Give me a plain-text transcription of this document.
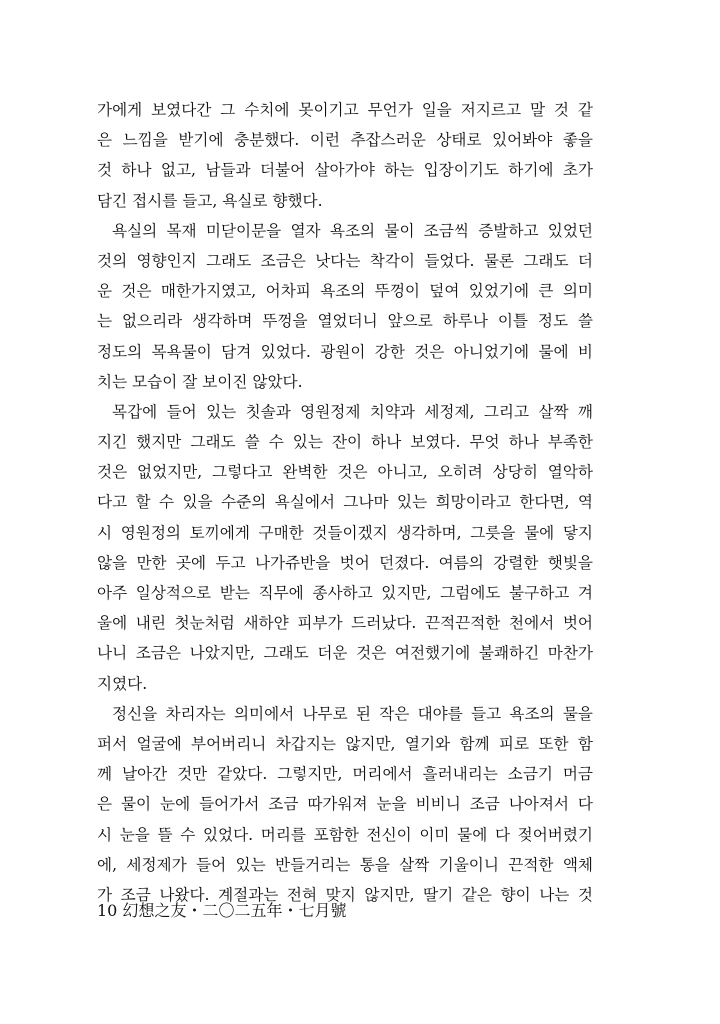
가에게 보였다간 그 수치에 못이기고 무언가 일을 저지르고 말 것 같
은 느낌을 받기에 충분했다. 이런 추잡스러운 상태로 있어봐야 좋을
것 하나 없고, 남들과 더불어 살아가야 하는 입장이기도 하기에 초가
담긴 접시를 들고, 욕실로 향했다.
욕실의 목재 미닫이문을 열자 욕조의 물이 조금씩 증발하고 있었던
것의 영향인지 그래도 조금은 낫다는 착각이 들었다. 물론 그래도 더
운 것은 매한가지였고, 어차피 욕조의 뚜껑이 덮여 있었기에 큰 의미
는 없으리라 생각하며 뚜껑을 열었더니 앞으로 하루나 이틀 정도 쓸
정도의 목욕물이 담겨 있었다. 광원이 강한 것은 아니었기에 물에 비
치는 모습이 잘 보이진 않았다.
목갑에 들어 있는 칫솔과 영원정제 치약과 세정제, 그리고 살짝 깨
지긴 했지만 그래도 쓸 수 있는 잔이 하나 보였다. 무엇 하나 부족한
것은 없었지만, 그렇다고 완벽한 것은 아니고, 오히려 상당히 열악하
다고 할 수 있을 수준의 욕실에서 그나마 있는 희망이라고 한다면, 역
시 영원정의 토끼에게 구매한 것들이겠지 생각하며, 그릇을 물에 닿지
않을 만한 곳에 두고 나가쥬반을 벗어 던졌다. 여름의 강렬한 햇빛을
아주 일상적으로 받는 직무에 종사하고 있지만, 그럼에도 불구하고 겨
울에 내린 첫눈처럼 새하얀 피부가 드러났다. 끈적끈적한 천에서 벗어
나니 조금은 나았지만, 그래도 더운 것은 여전했기에 불쾌하긴 마찬가
지였다.
정신을 차리자는 의미에서 나무로 된 작은 대야를 들고 욕조의 물을
퍼서 얼굴에 부어버리니 차갑지는 않지만, 열기와 함께 피로 또한 함
께 날아간 것만 같았다. 그렇지만, 머리에서 흘러내리는 소금기 머금
은 물이 눈에 들어가서 조금 따가워져 눈을 비비니 조금 나아져서 다
시 눈을 뜰 수 있었다. 머리를 포함한 전신이 이미 물에 다 젖어버렸기
에, 세정제가 들어 있는 반들거리는 통을 살짝 기울이니 끈적한 액체
가 조금 나왔다. 계절과는 전혀 맞지 않지만, 딸기 같은 향이 나는 것
10 幻想之友・二〇二五年・七月號
